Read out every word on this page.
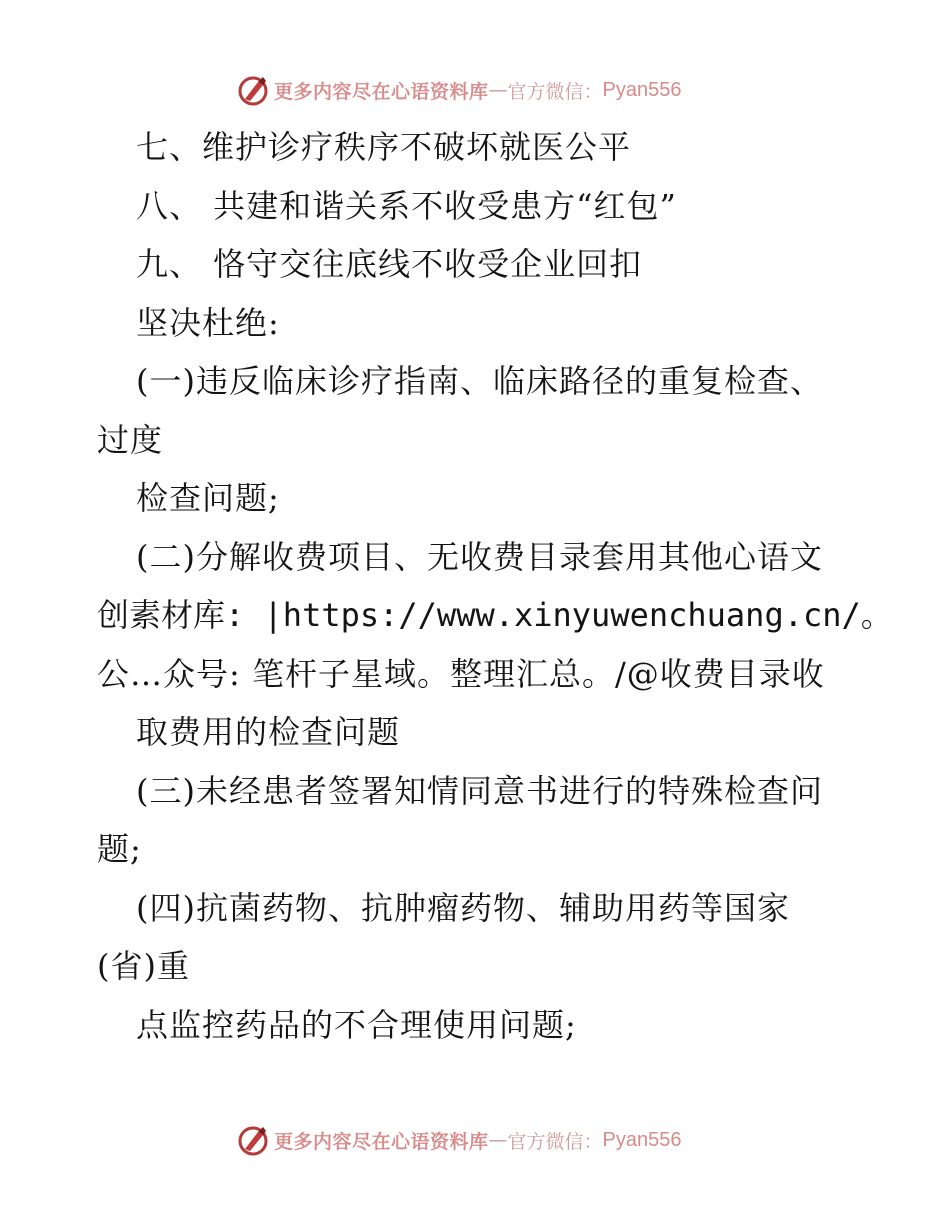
更多内容尽在心语资料库 — 官方微信： Pyan556
七、维护诊疗秩序不破坏就医公平
八、 共建和谐关系不收受患方“红包”
九、 恪守交往底线不收受企业回扣
坚决杜绝:
(一)违反临床诊疗指南、临床路径的重复检查、
过度
检查问题;
(二)分解收费项目、无收费目录套用其他心语文
创素材库: |https://www.xinyuwenchuang.cn/。
公…众号: 笔杆子星域。整理汇总。/@收费目录收
取费用的检查问题
(三)未经患者签署知情同意书进行的特殊检查问
题;
(四)抗菌药物、抗肿瘤药物、辅助用药等国家
(省)重
点监控药品的不合理使用问题;
更多内容尽在心语资料库 — 官方微信： Pyan556
